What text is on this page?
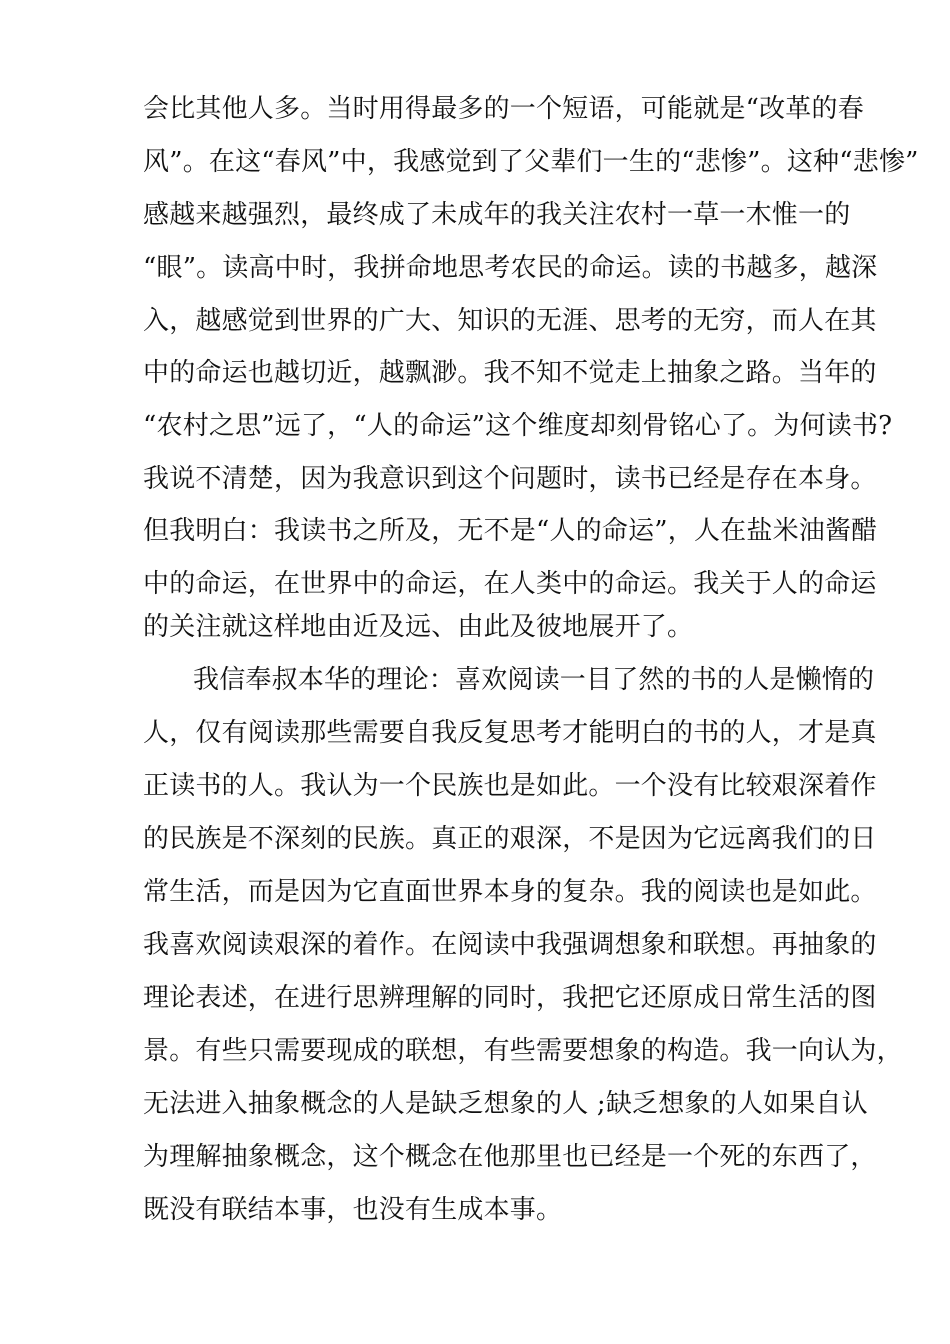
会比其他人多。当时用得最多的一个短语，可能就是“改革的春
风”。在这“春风”中，我感觉到了父辈们一生的“悲惨”。这种“悲惨”
感越来越强烈，最终成了未成年的我关注农村一草一木惟一的
“眼”。读高中时，我拼命地思考农民的命运。读的书越多，越深
入，越感觉到世界的广大、知识的无涯、思考的无穷，而人在其
中的命运也越切近，越飘渺。我不知不觉走上抽象之路。当年的
“农村之思”远了，“人的命运”这个维度却刻骨铭心了。为何读书?
我说不清楚，因为我意识到这个问题时，读书已经是存在本身。
但我明白：我读书之所及，无不是“人的命运”，人在盐米油酱醋
中的命运，在世界中的命运，在人类中的命运。我关于人的命运
的关注就这样地由近及远、由此及彼地展开了。
我信奉叔本华的理论：喜欢阅读一目了然的书的人是懒惰的
人，仅有阅读那些需要自我反复思考才能明白的书的人，才是真
正读书的人。我认为一个民族也是如此。一个没有比较艰深着作
的民族是不深刻的民族。真正的艰深，不是因为它远离我们的日
常生活，而是因为它直面世界本身的复杂。我的阅读也是如此。
我喜欢阅读艰深的着作。在阅读中我强调想象和联想。再抽象的
理论表述，在进行思辨理解的同时，我把它还原成日常生活的图
景。有些只需要现成的联想，有些需要想象的构造。我一向认为，
无法进入抽象概念的人是缺乏想象的人 ;缺乏想象的人如果自认
为理解抽象概念，这个概念在他那里也已经是一个死的东西了，
既没有联结本事，也没有生成本事。
